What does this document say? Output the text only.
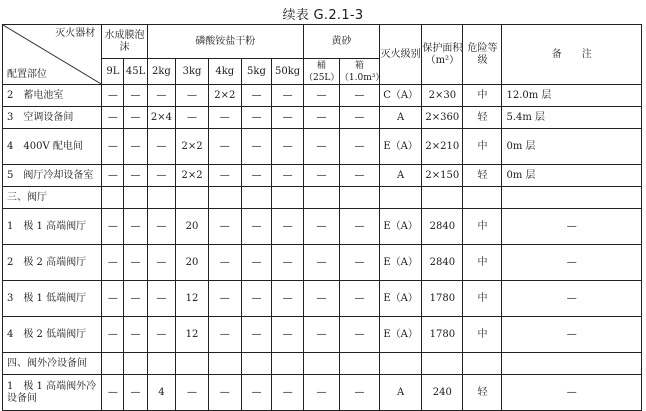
续表 G.2.1-3
灭火器材
配置部位	水成膜泡沫		磷酸铵盐干粉					黄砂		灭火级别	保护面积（m²）	危险等级	备　　注
	9L	45L	2kg	3kg	4kg	5kg	50kg	桶（25L）	箱（1.0m³）				
2　蓄电池室	—	—	—	—	2×2	—	—	—	—	C（A）	2×30	中	12.0m 层
3　空调设备间	—	—	2×4	—	—	—	—	—	—	A	2×360	轻	5.4m 层
4　400V 配电间	—	—	—	2×2	—	—	—	—	—	E（A）	2×210	中	0m 层
5　阀厅冷却设备室	—	—	—	2×2	—	—	—	—	—	A	2×150	轻	0m 层
三、阀厅													
1　极 1 高端阀厅	—	—	—	20	—	—	—	—	—	E（A）	2840	中	—
2　极 2 高端阀厅	—	—	—	20	—	—	—	—	—	E（A）	2840	中	—
3　极 1 低端阀厅	—	—	—	12	—	—	—	—	—	E（A）	1780	中	—
4　极 2 低端阀厅	—	—	—	12	—	—	—	—	—	E（A）	1780	中	—
四、阀外冷设备间													
1　极 1 高端阀外冷设备间	—	—	4	—	—	—	—	—	—	A	240	轻	—
